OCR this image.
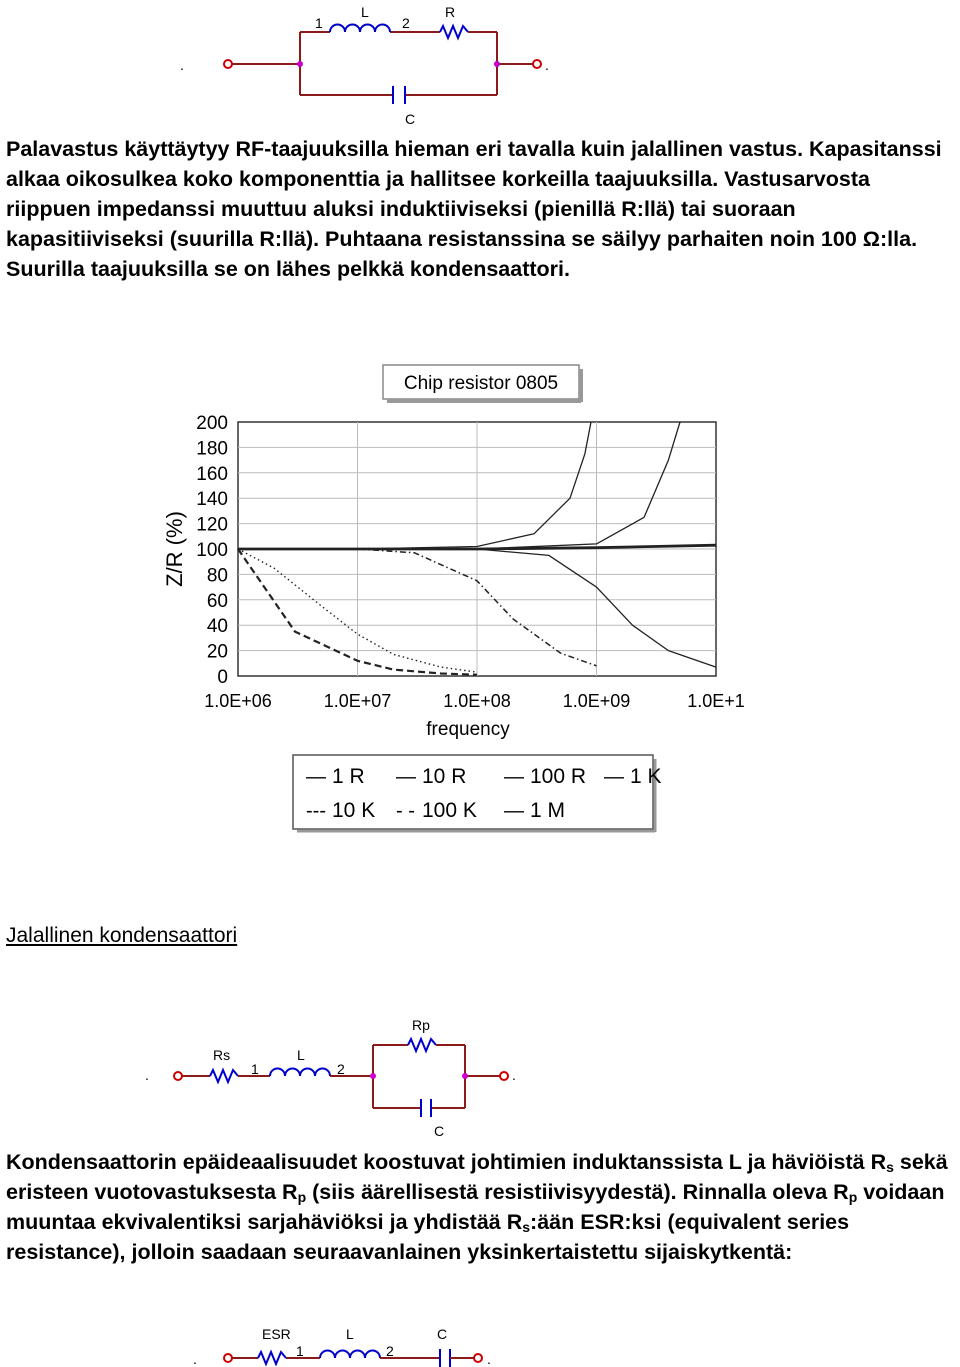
.	.
1
L
2
R
C

Palavastus käyttäytyy RF-taajuuksilla hieman eri tavalla kuin jalallinen vastus. Kapasitanssi alkaa oikosulkea koko komponenttia ja hallitsee korkeilla taajuuksilla. Vastusarvosta riippuen impedanssi muuttuu aluksi induktiiviseksi (pienillä R:llä) tai suoraan kapasitiiviseksi (suurilla R:llä). Puhtaana resistanssina se säilyy parhaiten noin 100 Ω:lla. Suurilla taajuuksilla se on lähes pelkkä kondensaattori.

Chip resistor 0805
200
180
160
140
120
100
80
60
40
20
0
1.0E+06	1.0E+07	1.0E+08	1.0E+09	1.0E+1
Z/R (%)
frequency
— 1 R — 10 R — 100 R — 1 K
--- 10 K - - 100 K — 1 M

Jalallinen kondensaattori

.	.
Rs
1
L
2
Rp
C

Kondensaattorin epäideaalisuudet koostuvat johtimien induktanssista L ja häviöistä $R_s$ sekä eristeen vuotovastuksesta $R_p$ (siis äärellisestä resistiivisyydestä). Rinnalla oleva $R_p$ voidaan muuntaa ekvivalentiksi sarjahäviöksi ja yhdistää $R_s:ään$ ESR:ksi (equivalent series resistance), jolloin saadaan seuraavanlainen yksinkertaistettu sijaiskytkentä:

.	.
ESR
1
L
2
C
